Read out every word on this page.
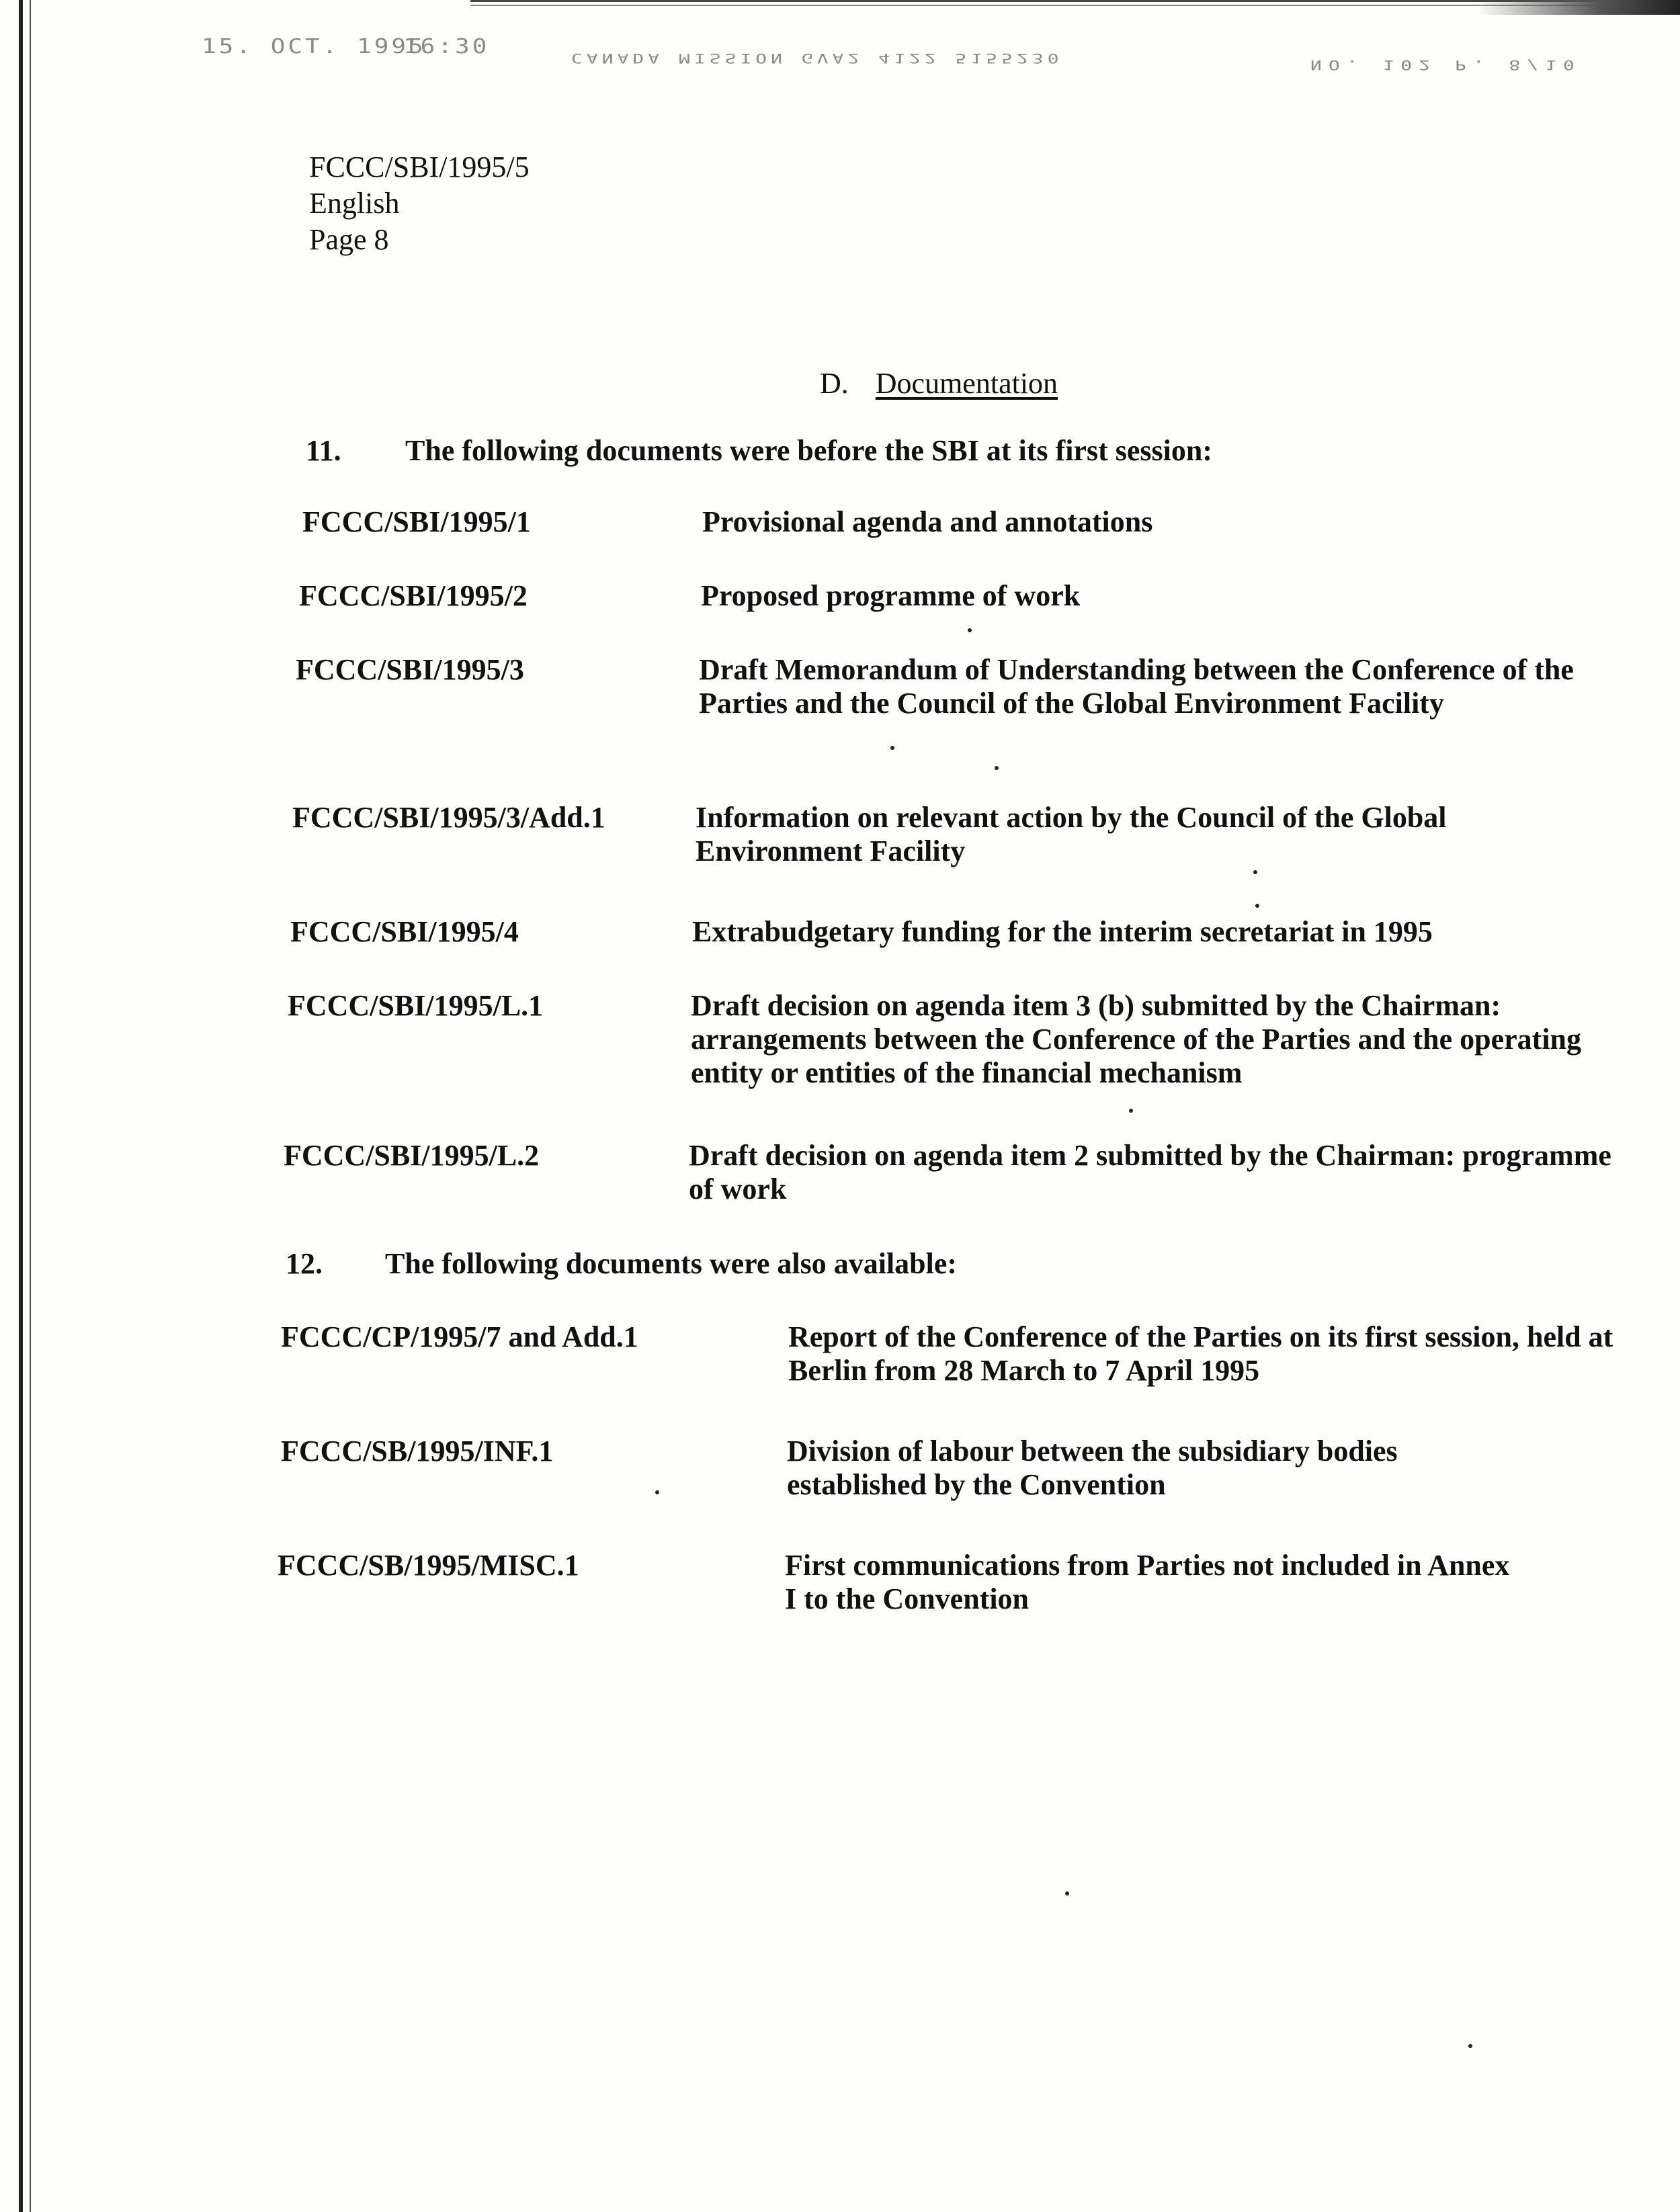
15. OCT. 1995
16:30	CANADA MISSION GVA2 4122 5155230	NO. 102 P. 8/10
FCCC/SBI/1995/5
English
Page 8
D. Documentation
11. The following documents were before the SBI at its first session:
FCCC/SBI/1995/1	Provisional agenda and annotations
FCCC/SBI/1995/2	Proposed programme of work
FCCC/SBI/1995/3	Draft Memorandum of Understanding between the Conference of the Parties and the Council of the Global Environment Facility
FCCC/SBI/1995/3/Add.1	Information on relevant action by the Council of the Global Environment Facility
FCCC/SBI/1995/4	Extrabudgetary funding for the interim secretariat in 1995
FCCC/SBI/1995/L.1	Draft decision on agenda item 3 (b) submitted by the Chairman: arrangements between the Conference of the Parties and the operating entity or entities of the financial mechanism
FCCC/SBI/1995/L.2	Draft decision on agenda item 2 submitted by the Chairman: programme of work
12. The following documents were also available:
FCCC/CP/1995/7 and Add.1	Report of the Conference of the Parties on its first session, held at Berlin from 28 March to 7 April 1995
FCCC/SB/1995/INF.1	Division of labour between the subsidiary bodies established by the Convention
FCCC/SB/1995/MISC.1	First communications from Parties not included in Annex I to the Convention
